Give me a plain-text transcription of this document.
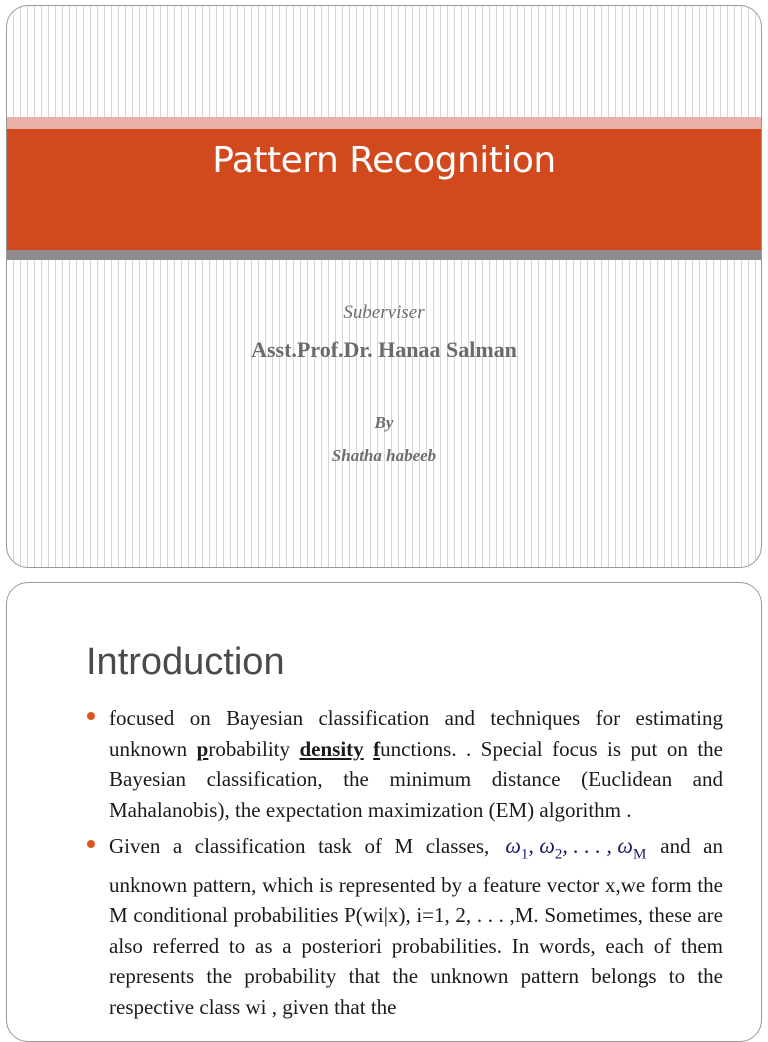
Pattern Recognition
Suberviser
Asst.Prof.Dr. Hanaa Salman
By
Shatha habeeb
Introduction
focused on Bayesian classification and techniques for estimating unknown probability density functions. . Special focus is put on the Bayesian classification, the minimum distance (Euclidean and Mahalanobis), the expectation maximization (EM) algorithm .
Given a classification task of M classes, $\omega_1$, $\omega_2$, . . . , $\omega_M$ and an unknown pattern, which is represented by a feature vector x,we form the M conditional probabilities P(wi|x), i=1, 2, . . . ,M. Sometimes, these are also referred to as a posteriori probabilities. In words, each of them represents the probability that the unknown pattern belongs to the respective class wi , given that the
